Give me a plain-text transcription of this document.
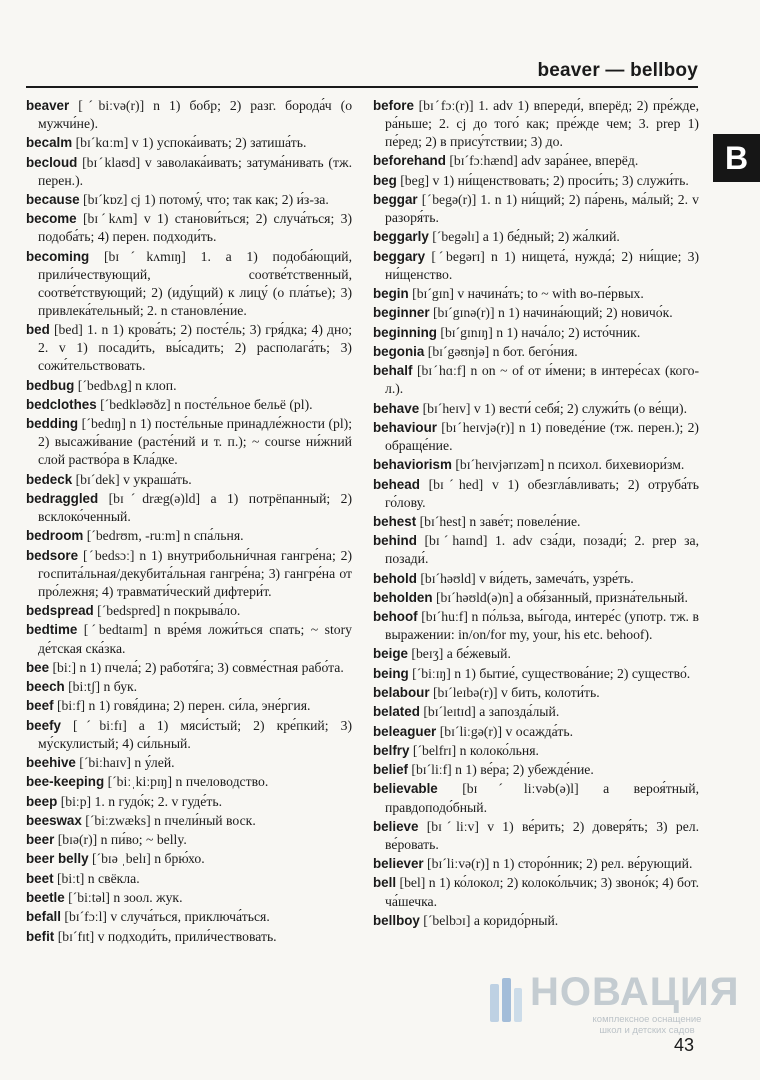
beaver — bellboy
B
beaver [ˊbiːvə(r)] n 1) бобр; 2) разг. борода́ч (о мужчи́не).
becalm [bɪˊkɑːm] v 1) успока́ивать; 2) затиша́ть.
becloud [bɪˊklaʊd] v заволака́ивать; затума́нивать (тж. перен.).
because [bɪˊkɒz] cj 1) потому́, что; так как; 2) и́з-за.
become [bɪˊkʌm] v 1) станови́ться; 2) случа́ться; 3) подоба́ть; 4) перен. подходи́ть.
becoming [bɪˊkʌmɪŋ] 1. a 1) подоба́ющий, прили́чествующий, соотве́тственный, соотве́тствующий; 2) (иду́щий) к лицу́ (о пла́тье); 3) привлека́тельный; 2. n становле́ние.
bed [bed] 1. n 1) крова́ть; 2) посте́ль; 3) гря́дка; 4) дно; 2. v 1) посади́ть, вы́садить; 2) располага́ть; 3) сожи́тельствовать.
bedbug [ˊbedbʌg] n клоп.
bedclothes [ˊbedkləʊðz] n посте́льное бельё (pl).
bedding [ˊbedɪŋ] n 1) посте́льные принадле́жности (pl); 2) высажи́вание (расте́ний и т. п.); ~ course ни́жний слой раство́ра в Кла́дке.
bedeck [bɪˊdek] v украша́ть.
bedraggled [bɪˊdræg(ə)ld] a 1) потрёпанный; 2) всклоко́ченный.
bedroom [ˊbedrʊm, -ruːm] n спа́льня.
bedsore [ˊbedsɔː] n 1) внутрибольни́чная гангре́на; 2) госпита́льная/декубита́льная гангре́на; 3) гангре́на от про́лежня; 4) травмати́ческий дифтери́т.
bedspread [ˊbedspred] n покрыва́ло.
bedtime [ˊbedtaɪm] n вре́мя ложи́ться спать; ~ story де́тская ска́зка.
bee [biː] n 1) пчела́; 2) работя́га; 3) совме́стная рабо́та.
beech [biːtʃ] n бук.
beef [biːf] n 1) говя́дина; 2) перен. си́ла, эне́ргия.
beefy [ˊbiːfɪ] a 1) мяси́стый; 2) кре́пкий; 3) му́скулистый; 4) си́льный.
beehive [ˊbiːhaɪv] n у́лей.
bee-keeping [ˊbiːˌkiːpɪŋ] n пчеловодство.
beep [biːp] 1. n гудо́к; 2. v гуде́ть.
beeswax [ˊbiːzwæks] n пчели́ный воск.
beer [bɪə(r)] n пи́во; ~ belly.
beer belly [ˊbɪə ˌbelɪ] n брю́хо.
beet [biːt] n свёкла.
beetle [ˊbiːtəl] n зоол. жук.
befall [bɪˊfɔːl] v случа́ться, приключа́ться.
befit [bɪˊfɪt] v подходи́ть, прили́чествовать.
before [bɪˊfɔː(r)] 1. adv 1) впереди́, вперёд; 2) пре́жде, ра́ньше; 2. cj до того́ как; пре́жде чем; 3. prep 1) пе́ред; 2) в прису́тствии; 3) до.
beforehand [bɪˊfɔːhænd] adv зара́нее, вперёд.
beg [beg] v 1) ни́щенствовать; 2) проси́ть; 3) служи́ть.
beggar [ˊbegə(r)] 1. n 1) ни́щий; 2) па́рень, ма́лый; 2. v разоря́ть.
beggarly [ˊbegəlɪ] a 1) бе́дный; 2) жа́лкий.
beggary [ˊbegərɪ] n 1) нищета́, нужда́; 2) ни́щие; 3) ни́щенство.
begin [bɪˊgɪn] v начина́ть; to ~ with во-пе́рвых.
beginner [bɪˊgɪnə(r)] n 1) начина́ющий; 2) новичо́к.
beginning [bɪˊgɪnɪŋ] n 1) нача́ло; 2) исто́чник.
begonia [bɪˊgəʊnjə] n бот. бего́ния.
behalf [bɪˊhɑːf] n on ~ of от и́мени; в интере́сах (кого-л.).
behave [bɪˊheɪv] v 1) вести́ себя́; 2) служи́ть (о ве́щи).
behaviour [bɪˊheɪvjə(r)] n 1) поведе́ние (тж. перен.); 2) обраще́ние.
behaviorism [bɪˊheɪvjərɪzəm] n психол. бихевиори́зм.
behead [bɪˊhed] v 1) обезгла́вливать; 2) отруба́ть го́лову.
behest [bɪˊhest] n заве́т; повеле́ние.
behind [bɪˊhaɪnd] 1. adv сза́ди, позади́; 2. prep за, позади́.
behold [bɪˊhəʊld] v ви́деть, замеча́ть, узре́ть.
beholden [bɪˊhəʊld(ə)n] a обя́занный, призна́тельный.
behoof [bɪˊhuːf] n по́льза, вы́года, интере́с (употр. тж. в выражении: in/on/for my, your, his etc. behoof).
beige [beɪʒ] a бе́жевый.
being [ˊbiːɪŋ] n 1) бытие́, существова́ние; 2) существо́.
belabour [bɪˊleɪbə(r)] v бить, колоти́ть.
belated [bɪˊleɪtɪd] a запозда́лый.
beleaguer [bɪˊliːgə(r)] v осажда́ть.
belfry [ˊbelfrɪ] n колоко́льня.
belief [bɪˊliːf] n 1) ве́ра; 2) убежде́ние.
believable [bɪˊliːvəb(ə)l] a вероя́тный, правдоподо́бный.
believe [bɪˊliːv] v 1) ве́рить; 2) доверя́ть; 3) рел. ве́ровать.
believer [bɪˊliːvə(r)] n 1) сторо́нник; 2) рел. ве́рующий.
bell [bel] n 1) ко́локол; 2) колоко́льчик; 3) звоно́к; 4) бот. ча́шечка.
bellboy [ˊbelbɔɪ] a коридо́рный.
НОВАЦИЯ
комплексное оснащение
школ и детских садов
43
